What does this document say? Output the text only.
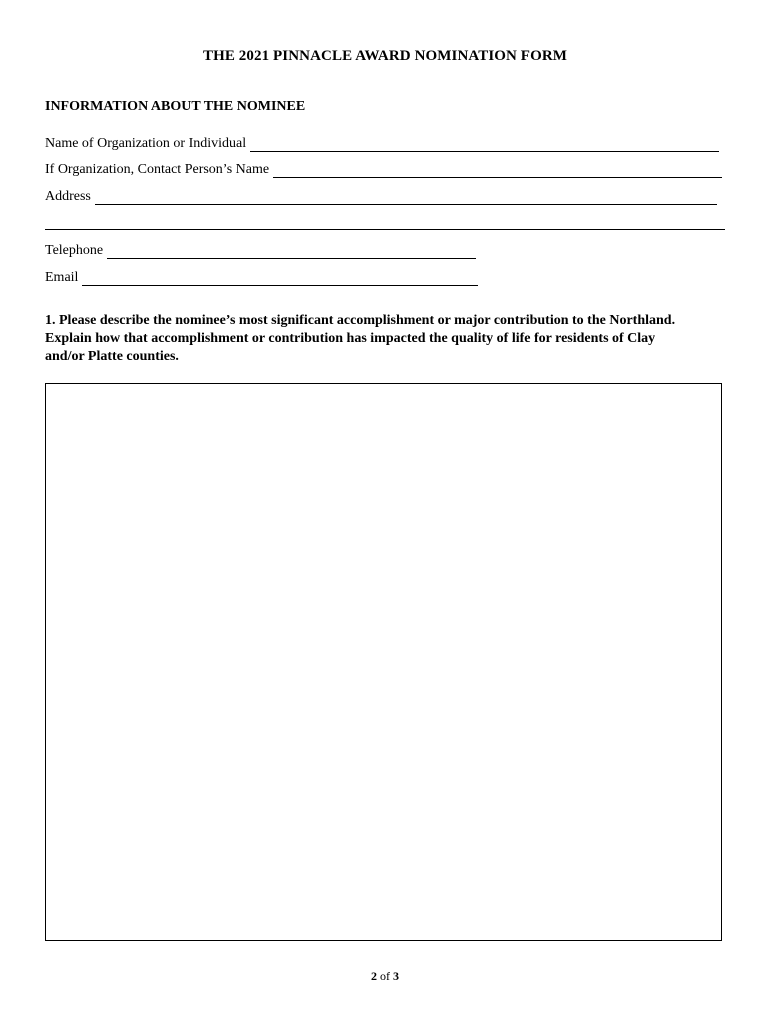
THE 2021 PINNACLE AWARD NOMINATION FORM
INFORMATION ABOUT THE NOMINEE
Name of Organization or Individual
If Organization, Contact Person’s Name
Address
Telephone
Email
1. Please describe the nominee’s most significant accomplishment or major contribution to the Northland. Explain how that accomplishment or contribution has impacted the quality of life for residents of Clay and/or Platte counties.
2 of 3
